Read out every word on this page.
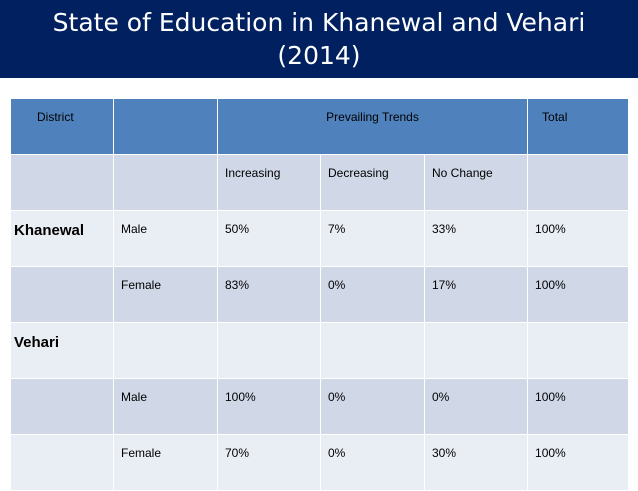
State of Education in Khanewal and Vehari
(2014)
District		Prevailing Trends			Total
		Increasing	Decreasing	No Change	
Khanewal	Male	50%	7%	33%	100%
	Female	83%	0%	17%	100%
Vehari					
	Male	100%	0%	0%	100%
	Female	70%	0%	30%	100%
